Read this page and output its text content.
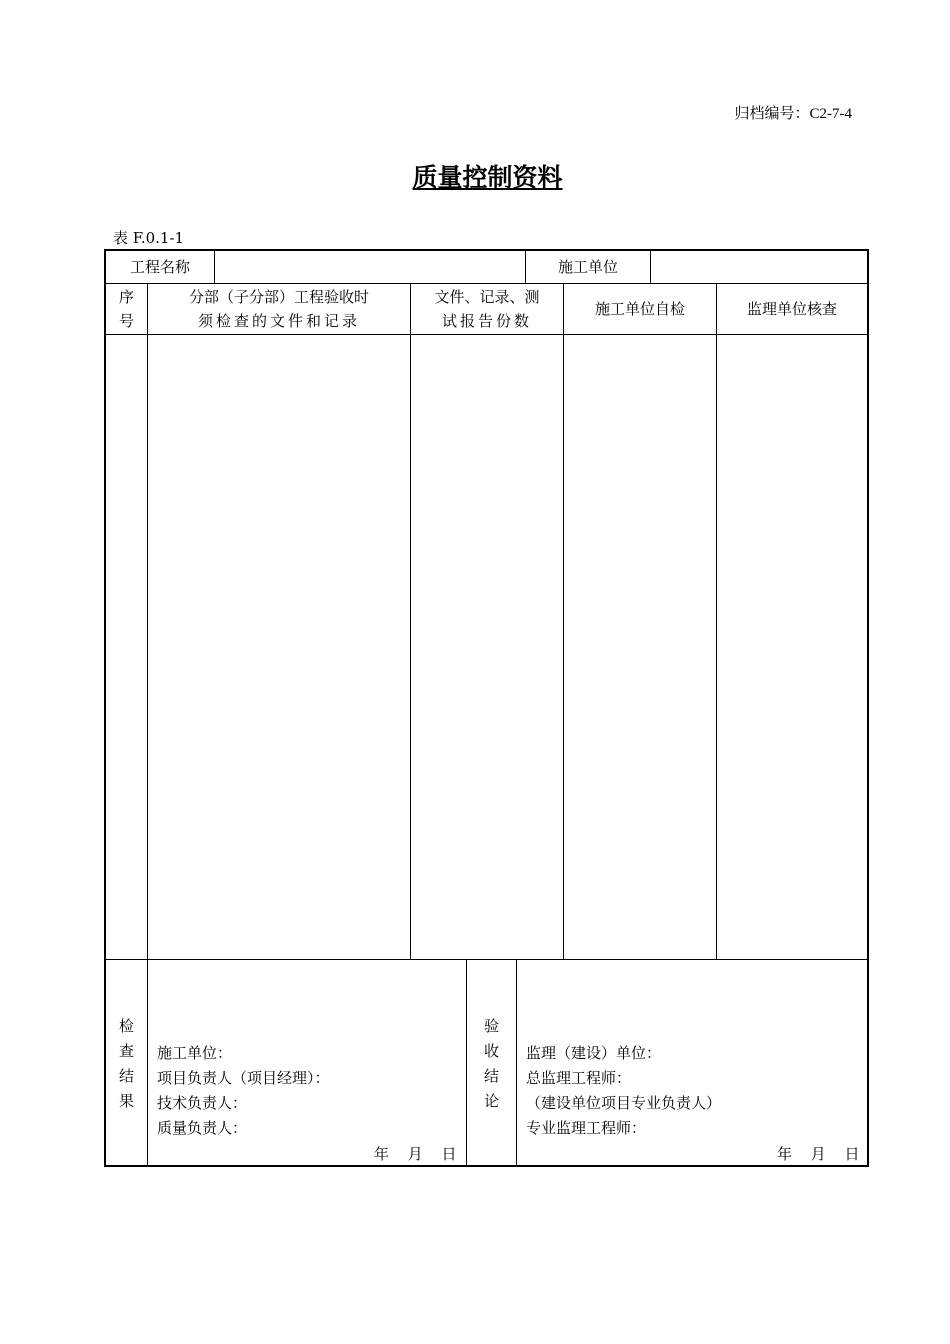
归档编号：C2-7-4
质量控制资料
表 F.0.1-1
工程名称	施工单位
序
号
分部（子分部）工程验收时
须检查的文件和记录
文件、记录、测
试报告份数
施工单位自检	监理单位核查
检
查
结
果
施工单位：
项目负责人（项目经理）：
技术负责人：
质量负责人：
年 月 日
验
收
结
论
监理（建设）单位：
总监理工程师：
（建设单位项目专业负责人）
专业监理工程师：
年 月 日
